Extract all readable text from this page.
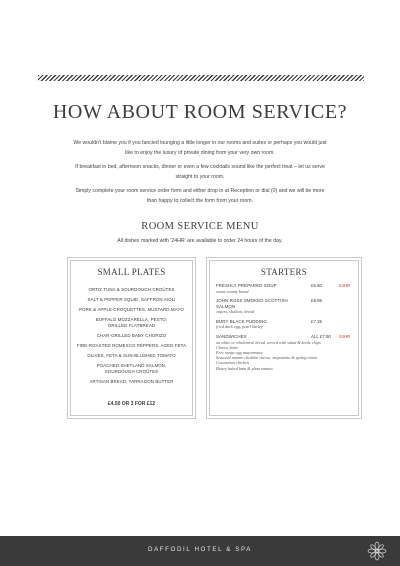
HOW ABOUT ROOM SERVICE?

We wouldn't blame you if you fancied lounging a little longer in our rooms and suites or perhaps you would just like to enjoy the luxury of private dining from your very own room.

If breakfast in bed, afternoon snacks, dinner or even a few cocktails sound like the perfect treat – let us serve straight to your room.

Simply complete your room service order form and either drop in at Reception or dial (0) and we will be more than happy to collect the form from your room.

ROOM SERVICE MENU
All dishes marked with '24HR' are available to order 24 hours of the day.
SMALL PLATES
ORTIZ TUNA & SOURDOUGH CROÛTES
SALT & PEPPER SQUID, SAFFRON AIOLI
PORK & APPLE CROQUETTES, MUSTARD MAYO
BUFFALO MOZZARELLA, PESTO,
GRILLED FLATBREAD
CHAR-GRILLED BABY CHORIZO
FIRE-ROASTED ROMESCO PEPPERS, AGED FETA
OLIVES, FETA & SUN-BLUSHED TOMATO
POACHED SHETLAND SALMON,
SOURDOUGH CROÛTES
ARTISAN BREAD, TARRAGON BUTTER
£4.50 OR 3 FOR £12
STARTERS
FRESHLY PREPARED SOUP
warm county bread
£6.50	24HR
JOHN ROSS SMOKED SCOTTISH SALMON
capers, shallots, bread
£8.95
BURY BLACK PUDDING
fried duck egg, pearl barley
£7.25
SANDWICHES
on white or wholemeal bread, served with salad & kettle chips.
Choose from:
Free range egg mayonnaise
Seaweed mature cheddar cheese, mayonaise & spring onion
Coronation chicken
Honey baked ham & plum tomato
ALL £7.50 24HR
DAFFODIL HOTEL & SPA
